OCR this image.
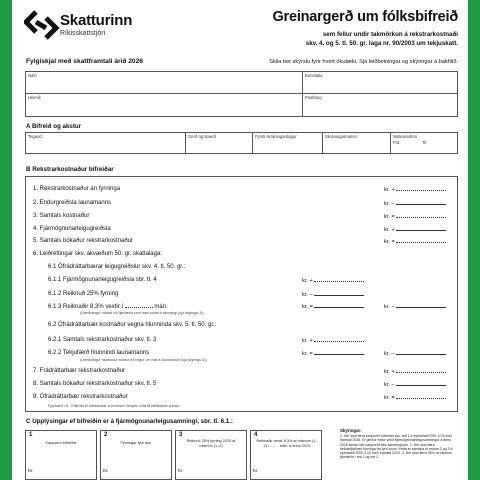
Skatturinn
Ríkisskattstjóri
Greinargerð um fólksbifreið
sem fellur undir takmörkun á rekstrarkostnaði
skv. 4. og 5. tl. 50. gr. laga nr. 90/2003 um tekjuskatt.
Fylgiskjal með skattframtali árið 2026	Skila ber skýrslu fyrir hvert ökutæki. Sjá leiðbeiningar og skýringar á bakhlið.
Nafn	Kennitala
Heimili	Póstfang
A Bifreið og akstur
Tegund	Gerð og staerð	Fyrsti skráningardagur	Skráningarnúmer	Notkunartími
Frá	Til
B Rekstrarkostnaður bifreiðar
1. Rekstrarkostnaður án fyrninga	kr. +
2. Endurgreiðsla launamanns	kr. –
3. Samtals kostnaður	kr. =
4. Fjármögnunarleigugreiðsla	kr. +
5. Samtals bókaður rekstrarkostnaður	kr. =
6. Leiðréttingar skv. ákvæðum 50. gr. skattalaga:
6.1 Ófrádráttarbærar leigugreiðslur skv. 4. tl. 50. gr.:
6.1.1 Fjármögnunarleigugreiðsla sbr. tl. 4	kr. +
6.1.2 Reiknuð 25% fyrning	kr. –
6.1.3 Reiknaðir 8,3% vextir í	mán.	kr. =	kr. –
(Útreikningur miðast við fjárhæðir sem fram koma á samningi (sjá skýringu 3))
6.2 Ófrádráttarbær kostnaður vegna hlunninda skv. 5. tl. 50. gr.:
6.2.1 Samtals rekstrarkostnaður skv. tl. 3	kr. +
6.2.2 Tekjufærð hlunnindi launamanns	kr. =	kr. –
(Útreikningur hlunninda miðast við reglur um mat á hlunnindum (sjá skýringu 4))
7. Frádráttarbær rekstrarkostnaður	kr. +
8. Samtals bókaður rekstrarkostnaður skv. tl. 5	kr. –
9. Ófrádráttarbær rekstrarkostnaður	kr. =
Fjárhæð í tl. 9 færist til hækkunar á hreinum tekjum eða til lækkunar á tapi.
C Upplýsingar ef bifreiðin er á fjármögnunarleigusamningi, sbr. tl. 6.1.:
1
Kaupverð bifreiðar
Kr.
2
Fyrningar fyrir ára.
Kr.
3
Reiknuð 25% fyrning 2025 af mismun (1–2)
Kr.
4
Reiknaðir vextir 8,3% af mismun (1–2) í ........ mán. á árinu 2025
Kr.
Skýringar:
1. Hér skal færa kaupverð bifreiðar skv. reit 1 á eyðublaði RSK 4.03 með framtali 2025. Ef gerður hefur verið fjármögnunarleigusamningur á árinu 2025 kemur hér kaupverð skv. samningnum. 2. Hér skal færa heildarfjárhæð fyrninga frá fyrri árum. Þetta er samtala úr reitum 2 og 3 á eyðublaði RSK 4.03 með framtali 2025. 3. Hér skal færa 25% af mismun fjárhæða í reit 1 og reit 2.
